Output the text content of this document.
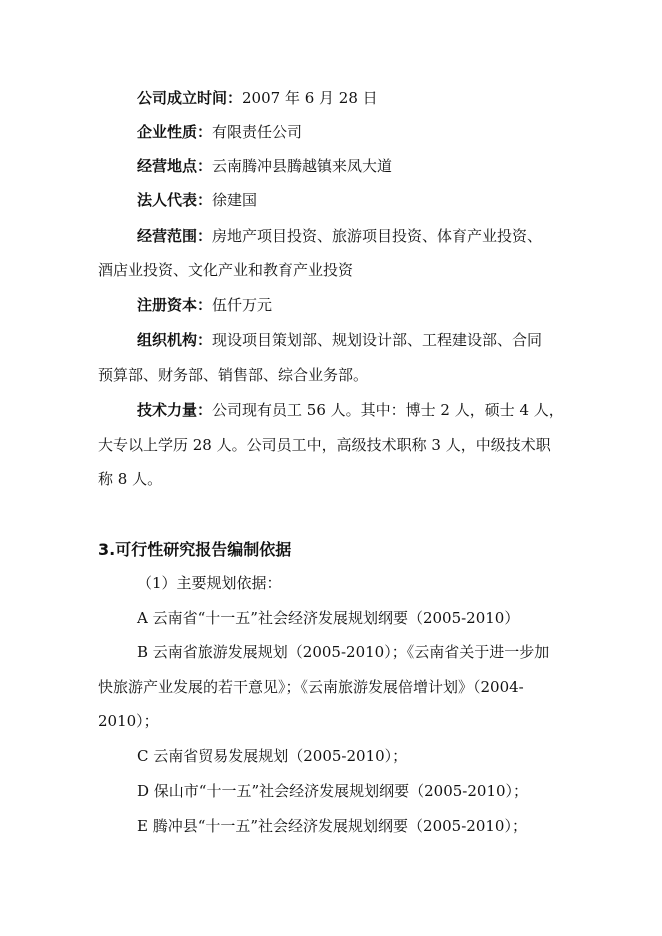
公司成立时间：2007 年 6 月 28 日
企业性质：有限责任公司
经营地点：云南腾冲县腾越镇来凤大道
法人代表：徐建国
经营范围：房地产项目投资、旅游项目投资、体育产业投资、
酒店业投资、文化产业和教育产业投资
注册资本：伍仟万元
组织机构：现设项目策划部、规划设计部、工程建设部、合同
预算部、财务部、销售部、综合业务部。
技术力量：公司现有员工 56 人。其中：博士 2 人，硕士 4 人，
大专以上学历 28 人。公司员工中，高级技术职称 3 人，中级技术职
称 8 人。
3.可行性研究报告编制依据
（1）主要规划依据：
A 云南省“十一五”社会经济发展规划纲要（2005-2010）
B 云南省旅游发展规划（2005-2010）；《云南省关于进一步加
快旅游产业发展的若干意见》；《云南旅游发展倍增计划》（2004-
2010）；
C 云南省贸易发展规划（2005-2010）；
D 保山市“十一五”社会经济发展规划纲要（2005-2010）；
E 腾冲县“十一五”社会经济发展规划纲要（2005-2010）；
